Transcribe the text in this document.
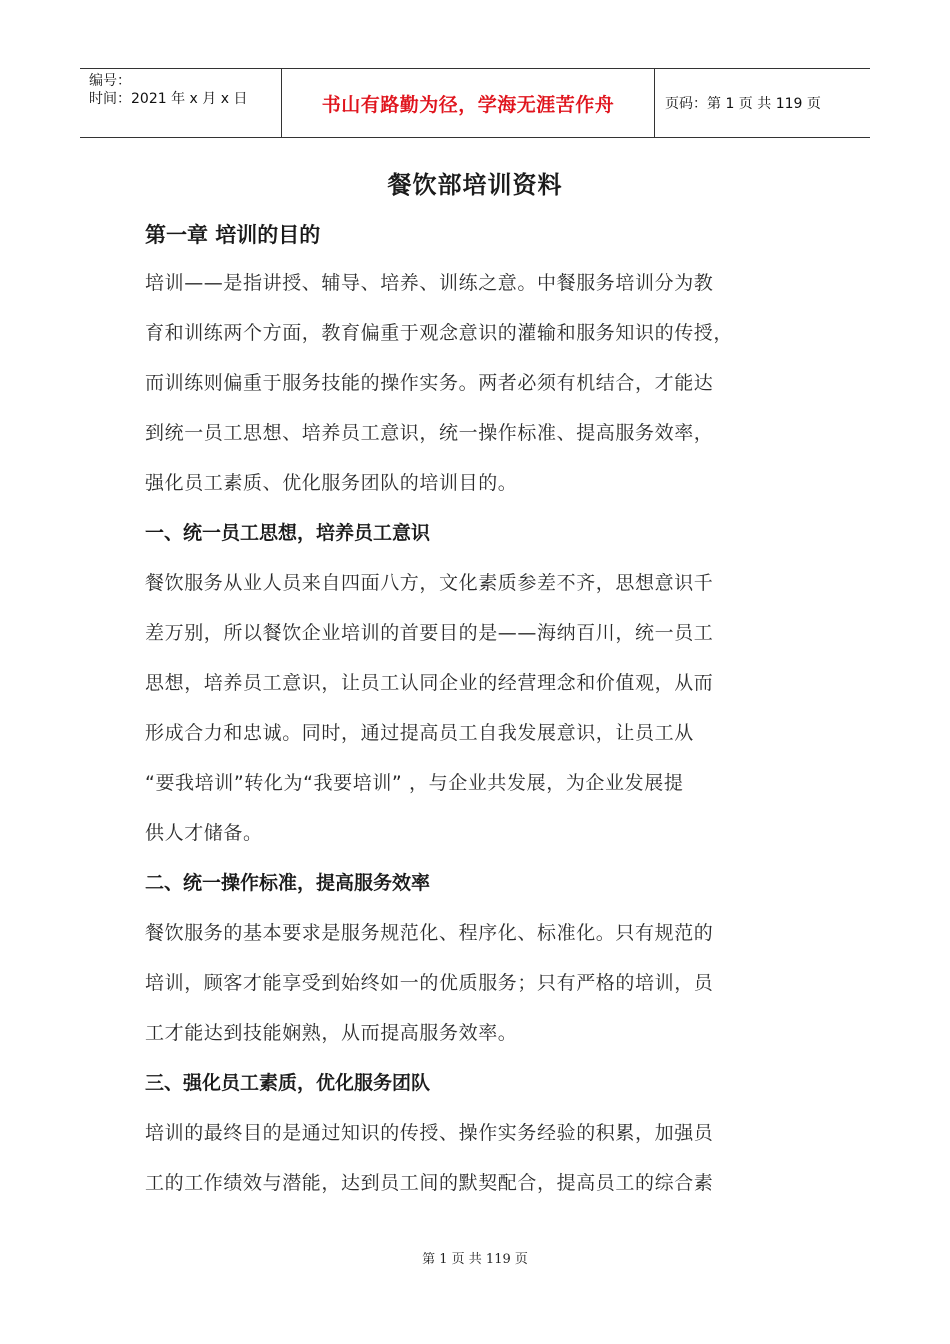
编号：
时间：2021 年 x 月 x 日	书山有路勤为径，学海无涯苦作舟	页码：第 1 页 共 119 页
餐饮部培训资料
第一章 培训的目的
培训——是指讲授、辅导、培养、训练之意。中餐服务培训分为教
育和训练两个方面，教育偏重于观念意识的灌输和服务知识的传授，
而训练则偏重于服务技能的操作实务。两者必须有机结合，才能达
到统一员工思想、培养员工意识，统一操作标准、提高服务效率，
强化员工素质、优化服务团队的培训目的。
一、统一员工思想，培养员工意识
餐饮服务从业人员来自四面八方，文化素质参差不齐，思想意识千
差万别，所以餐饮企业培训的首要目的是——海纳百川，统一员工
思想，培养员工意识，让员工认同企业的经营理念和价值观，从而
形成合力和忠诚。同时，通过提高员工自我发展意识，让员工从
“要我培训”转化为“我要培训” ，与企业共发展，为企业发展提
供人才储备。
二、统一操作标准，提高服务效率
餐饮服务的基本要求是服务规范化、程序化、标准化。只有规范的
培训，顾客才能享受到始终如一的优质服务；只有严格的培训，员
工才能达到技能娴熟，从而提高服务效率。
三、强化员工素质，优化服务团队
培训的最终目的是通过知识的传授、操作实务经验的积累，加强员
工的工作绩效与潜能，达到员工间的默契配合，提高员工的综合素
第 1 页 共 119 页
